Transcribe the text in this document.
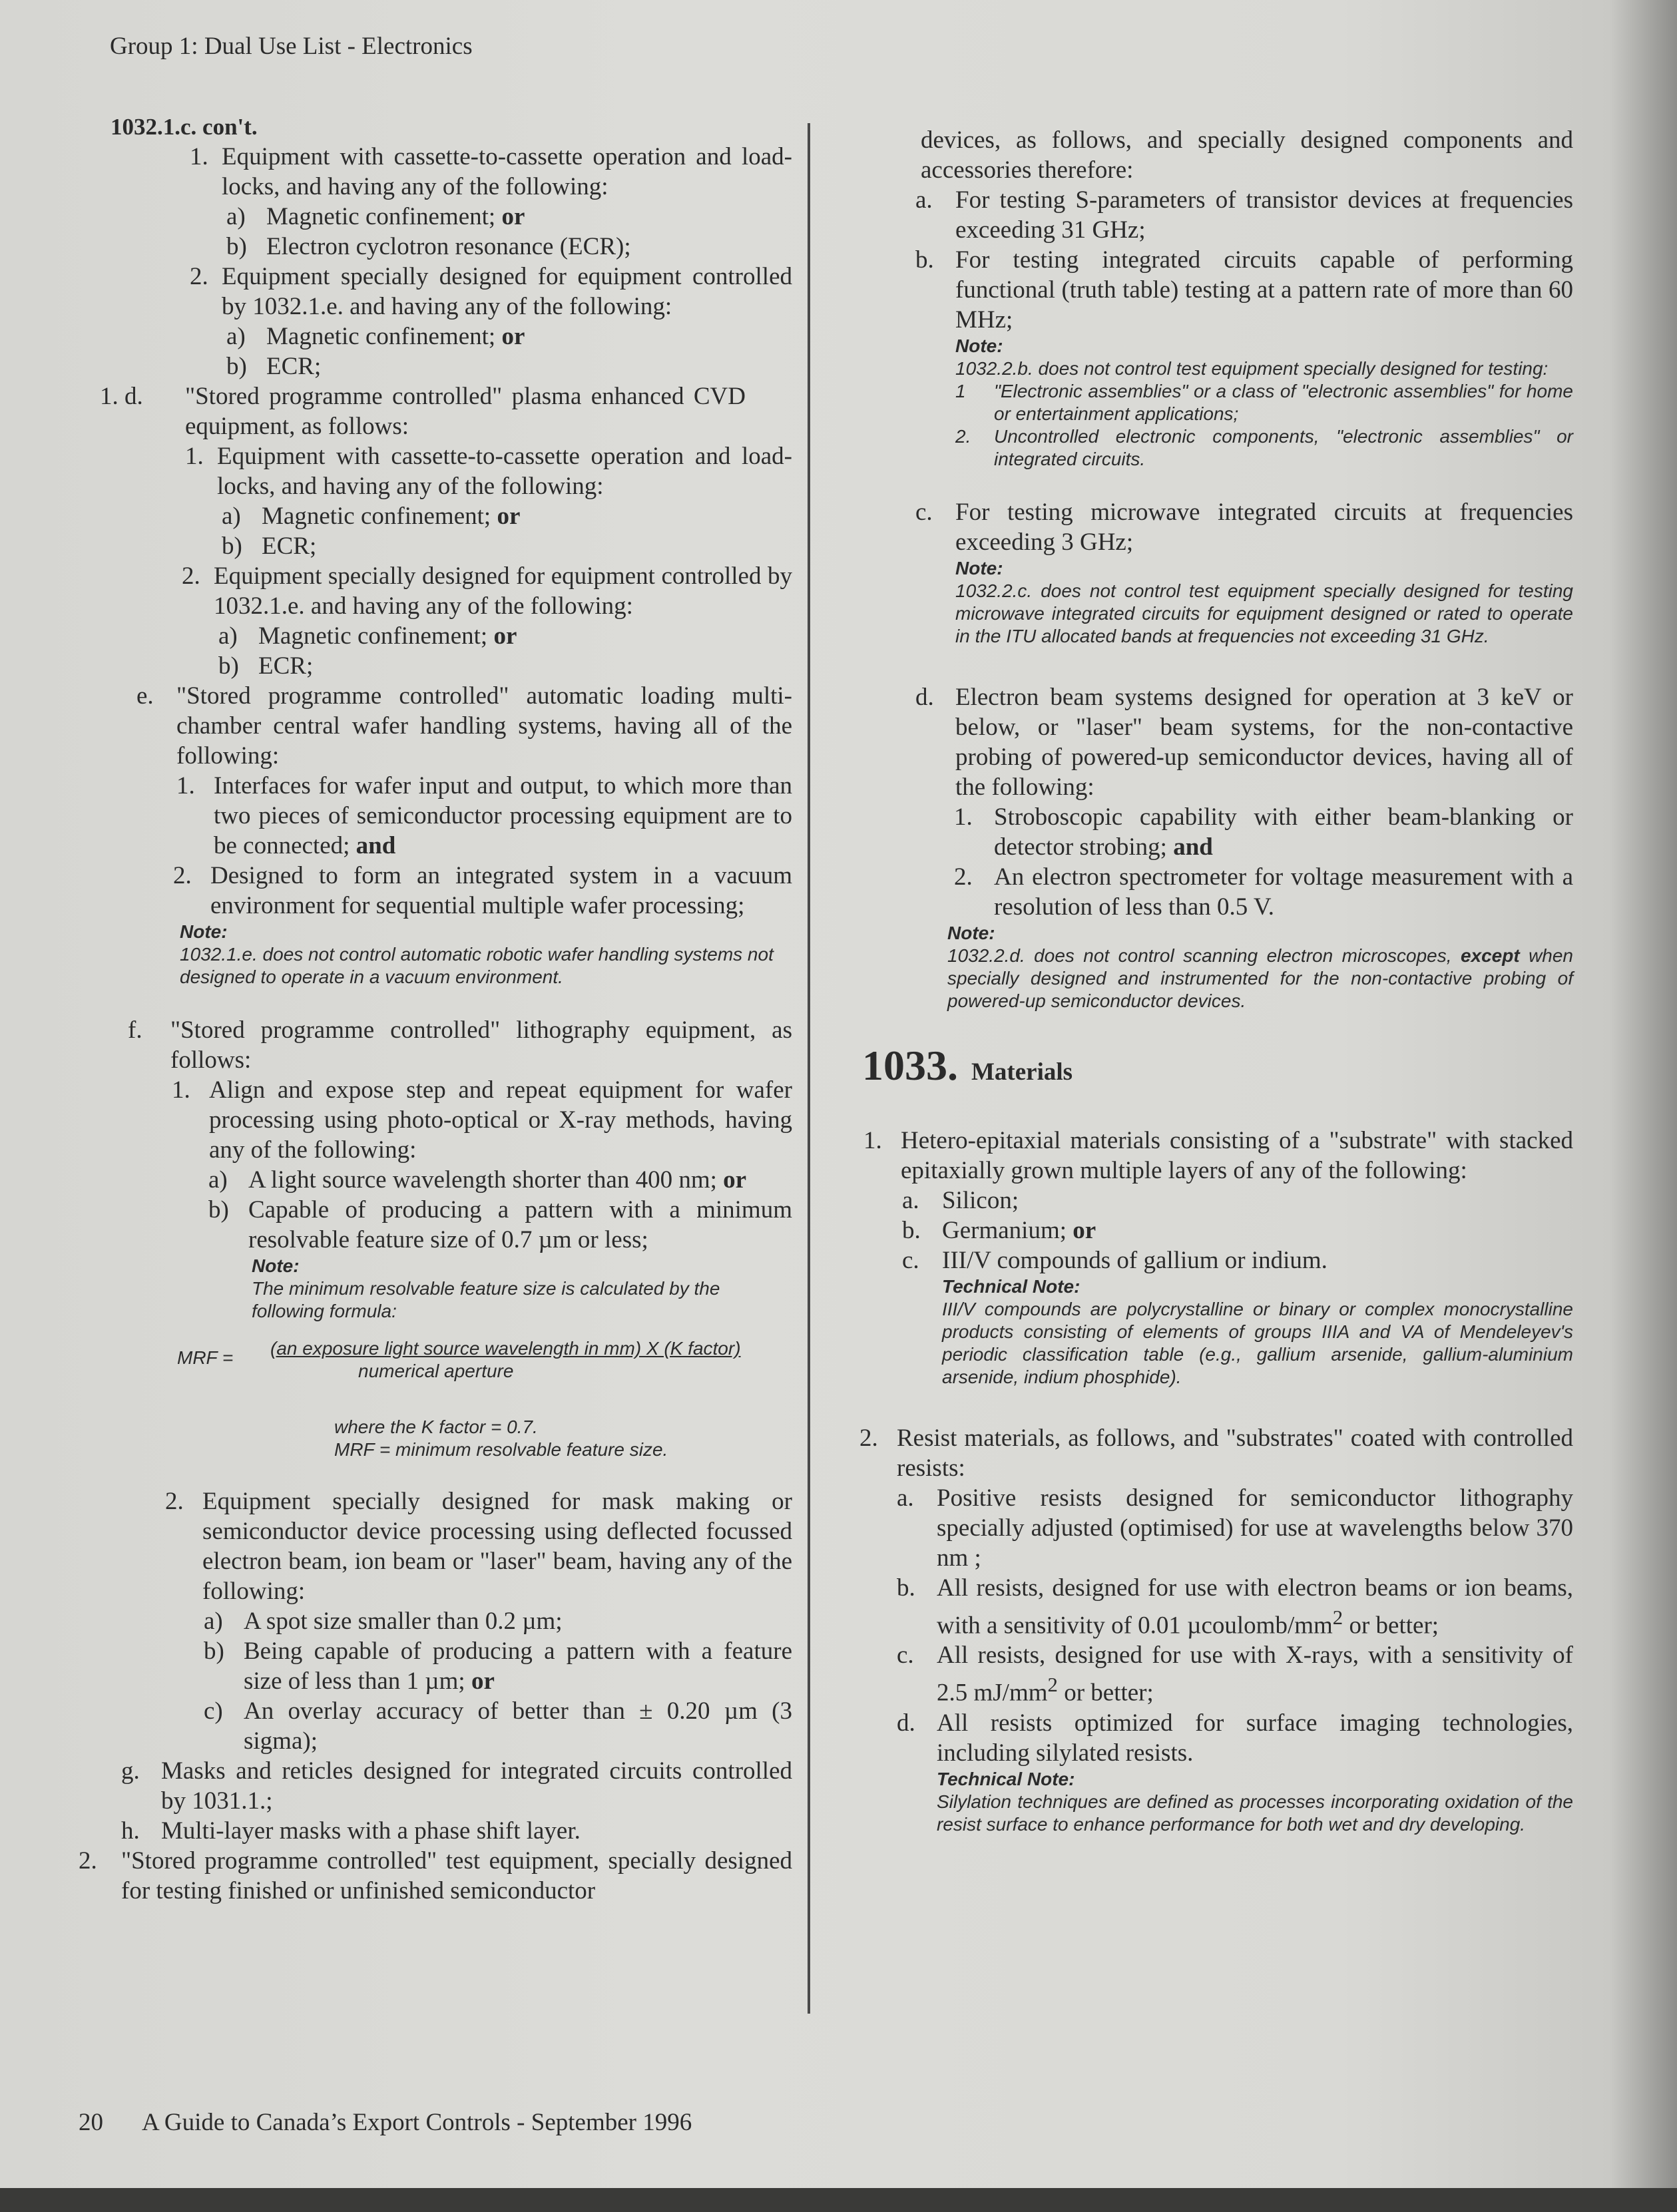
Group 1: Dual Use List - Electronics
1032.1.c. con't.
1. Equipment with cassette-to-cassette operation and load-locks, and having any of the following:
a) Magnetic confinement; or
b) Electron cyclotron resonance (ECR);
2. Equipment specially designed for equipment controlled by 1032.1.e. and having any of the following:
a) Magnetic confinement; or
b) ECR;
1. d.	"Stored programme controlled" plasma enhanced CVD equipment, as follows:
1. Equipment with cassette-to-cassette operation and load-locks, and having any of the following:
a) Magnetic confinement; or
b) ECR;
2. Equipment specially designed for equipment controlled by 1032.1.e. and having any of the following:
a) Magnetic confinement; or
b) ECR;
e. "Stored programme controlled" automatic loading multi-chamber central wafer handling systems, having all of the following:
1. Interfaces for wafer input and output, to which more than two pieces of semiconductor processing equipment are to be connected; and
2. Designed to form an integrated system in a vacuum environment for sequential multiple wafer processing;
Note:
1032.1.e. does not control automatic robotic wafer handling systems not designed to operate in a vacuum environment.
f.	"Stored programme controlled" lithography equipment, as follows:
1. Align and expose step and repeat equipment for wafer processing using photo-optical or X-ray methods, having any of the following:
a) A light source wavelength shorter than 400 nm; or
b) Capable of producing a pattern with a minimum resolvable feature size of 0.7 µm or less;
Note:
The minimum resolvable feature size is calculated by the following formula:
MRF = (an exposure light source wavelength in mm) X (K factor)
numerical aperture
where the K factor = 0.7.
MRF = minimum resolvable feature size.
2. Equipment specially designed for mask making or semiconductor device processing using deflected focussed electron beam, ion beam or "laser" beam, having any of the following:
a) A spot size smaller than 0.2 µm;
b) Being capable of producing a pattern with a feature size of less than 1 µm; or
c) An overlay accuracy of better than ± 0.20 µm (3 sigma);
g. Masks and reticles designed for integrated circuits controlled by 1031.1.;
h. Multi-layer masks with a phase shift layer.
2. "Stored programme controlled" test equipment, specially designed for testing finished or unfinished semiconductor
devices, as follows, and specially designed components and accessories therefore:
a. For testing S-parameters of transistor devices at frequencies exceeding 31 GHz;
b. For testing integrated circuits capable of performing functional (truth table) testing at a pattern rate of more than 60 MHz;
Note:
1032.2.b. does not control test equipment specially designed for testing:
1	"Electronic assemblies" or a class of "electronic assemblies" for home or entertainment applications;
2.	Uncontrolled electronic components, "electronic assemblies" or integrated circuits.
c. For testing microwave integrated circuits at frequencies exceeding 3 GHz;
Note:
1032.2.c. does not control test equipment specially designed for testing microwave integrated circuits for equipment designed or rated to operate in the ITU allocated bands at frequencies not exceeding 31 GHz.
d. Electron beam systems designed for operation at 3 keV or below, or "laser" beam systems, for the non-contactive probing of powered-up semiconductor devices, having all of the following:
1. Stroboscopic capability with either beam-blanking or detector strobing; and
2. An electron spectrometer for voltage measurement with a resolution of less than 0.5 V.
Note:
1032.2.d. does not control scanning electron microscopes, except when specially designed and instrumented for the non-contactive probing of powered-up semiconductor devices.
1033. Materials
1. Hetero-epitaxial materials consisting of a "substrate" with stacked epitaxially grown multiple layers of any of the following:
a. Silicon;
b. Germanium; or
c. III/V compounds of gallium or indium.
Technical Note:
III/V compounds are polycrystalline or binary or complex monocrystalline products consisting of elements of groups IIIA and VA of Mendeleyev's periodic classification table (e.g., gallium arsenide, gallium-aluminium arsenide, indium phosphide).
2. Resist materials, as follows, and "substrates" coated with controlled resists:
a. Positive resists designed for semiconductor lithography specially adjusted (optimised) for use at wavelengths below 370 nm ;
b. All resists, designed for use with electron beams or ion beams, with a sensitivity of 0.01 µcoulomb/$mm^2$ or better;
c. All resists, designed for use with X-rays, with a sensitivity of 2.5 $mJ/mm^2$ or better;
d. All resists optimized for surface imaging technologies, including silylated resists.
Technical Note:
Silylation techniques are defined as processes incorporating oxidation of the resist surface to enhance performance for both wet and dry developing.
20 A Guide to Canada’s Export Controls - September 1996
